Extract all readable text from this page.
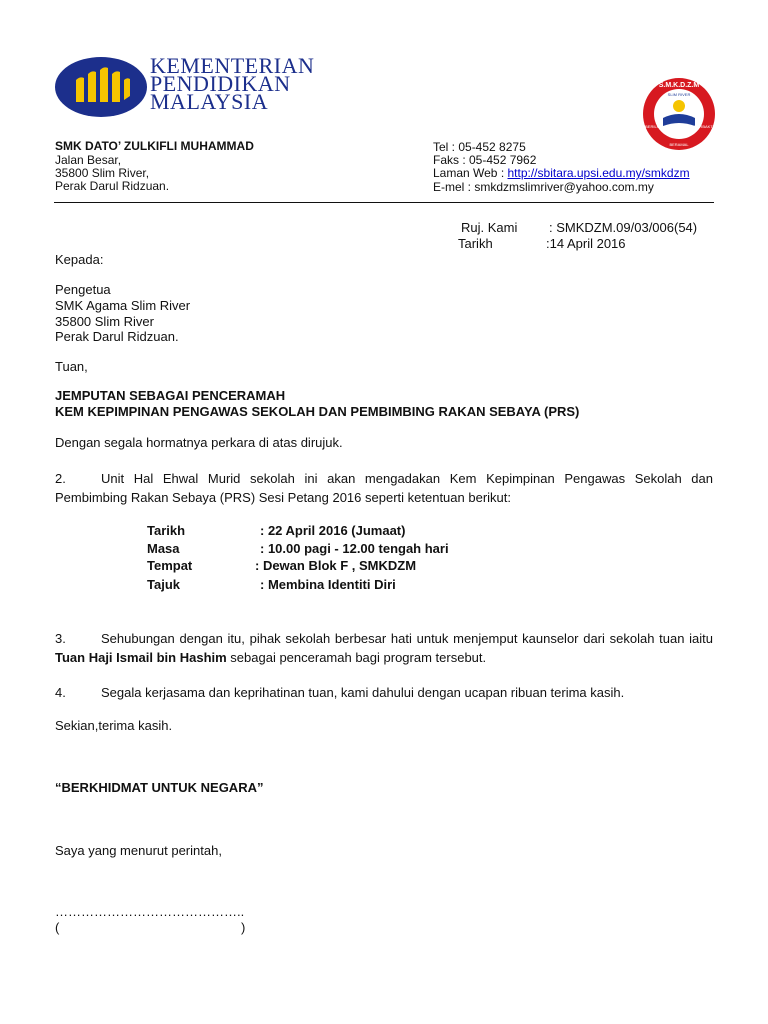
KEMENTERIAN
PENDIDIKAN
MALAYSIA
S.M.K.D.Z.M
SLIM RIVER
BERILMU
BERAMAL
BERBAKTI
SMK DATO’ ZULKIFLI MUHAMMAD
Jalan Besar,
35800 Slim River,
Perak Darul Ridzuan.
Tel : 05-452 8275
Faks : 05-452 7962
Laman Web : http://sbitara.upsi.edu.my/smkdzm
E-mel : smkdzmslimriver@yahoo.com.my
Ruj. Kami : SMKDZM.09/03/006(54)
Tarikh	:14 April 2016
Kepada:
Pengetua
SMK Agama Slim River
35800 Slim River
Perak Darul Ridzuan.
Tuan,
JEMPUTAN SEBAGAI PENCERAMAH
KEM KEPIMPINAN PENGAWAS SEKOLAH DAN PEMBIMBING RAKAN SEBAYA (PRS)
Dengan segala hormatnya perkara di atas dirujuk.
2.	Unit Hal Ehwal Murid sekolah ini akan mengadakan Kem Kepimpinan Pengawas Sekolah dan Pembimbing Rakan Sebaya (PRS) Sesi Petang 2016 seperti ketentuan berikut:
Tarikh	: 22 April 2016 (Jumaat)
Masa	: 10.00 pagi - 12.00 tengah hari
Tempat	: Dewan Blok F , SMKDZM
Tajuk	: Membina Identiti Diri
3.	Sehubungan dengan itu, pihak sekolah berbesar hati untuk menjemput kaunselor dari sekolah tuan iaitu Tuan Haji Ismail bin Hashim sebagai penceramah bagi program tersebut.
4.	Segala kerjasama dan keprihatinan tuan, kami dahului dengan ucapan ribuan terima kasih.
Sekian,terima kasih.
“BERKHIDMAT UNTUK NEGARA”
Saya yang menurut perintah,
……………………………………..
(	)
